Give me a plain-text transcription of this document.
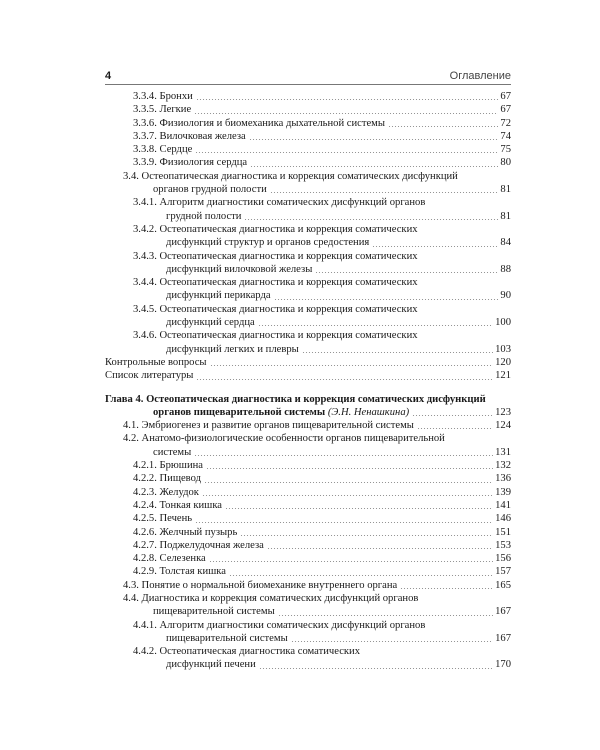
4	Оглавление
3.3.4. Бронхи	67
3.3.5. Легкие	67
3.3.6. Физиология и биомеханика дыхательной системы	72
3.3.7. Вилочковая железа	74
3.3.8. Сердце	75
3.3.9. Физиология сердца	80
3.4. Остеопатическая диагностика и коррекция соматических дисфункций
органов грудной полости	81
3.4.1. Алгоритм диагностики соматических дисфункций органов
грудной полости	81
3.4.2. Остеопатическая диагностика и коррекция соматических
дисфункций структур и органов средостения	84
3.4.3. Остеопатическая диагностика и коррекция соматических
дисфункций вилочковой железы	88
3.4.4. Остеопатическая диагностика и коррекция соматических
дисфункций перикарда	90
3.4.5. Остеопатическая диагностика и коррекция соматических
дисфункций сердца	100
3.4.6. Остеопатическая диагностика и коррекция соматических
дисфункций легких и плевры	103
Контрольные вопросы	120
Список литературы	121
Глава 4. Остеопатическая диагностика и коррекция соматических дисфункций
органов пищеварительной системы (Э.Н. Ненашкина)	123
4.1. Эмбриогенез и развитие органов пищеварительной системы	124
4.2. Анатомо-физиологические особенности органов пищеварительной
системы	131
4.2.1. Брюшина	132
4.2.2. Пищевод	136
4.2.3. Желудок	139
4.2.4. Тонкая кишка	141
4.2.5. Печень	146
4.2.6. Желчный пузырь	151
4.2.7. Поджелудочная железа	153
4.2.8. Селезенка	156
4.2.9. Толстая кишка	157
4.3. Понятие о нормальной биомеханике внутреннего органа	165
4.4. Диагностика и коррекция соматических дисфункций органов
пищеварительной системы	167
4.4.1. Алгоритм диагностики соматических дисфункций органов
пищеварительной системы	167
4.4.2. Остеопатическая диагностика соматических
дисфункций печени	170
